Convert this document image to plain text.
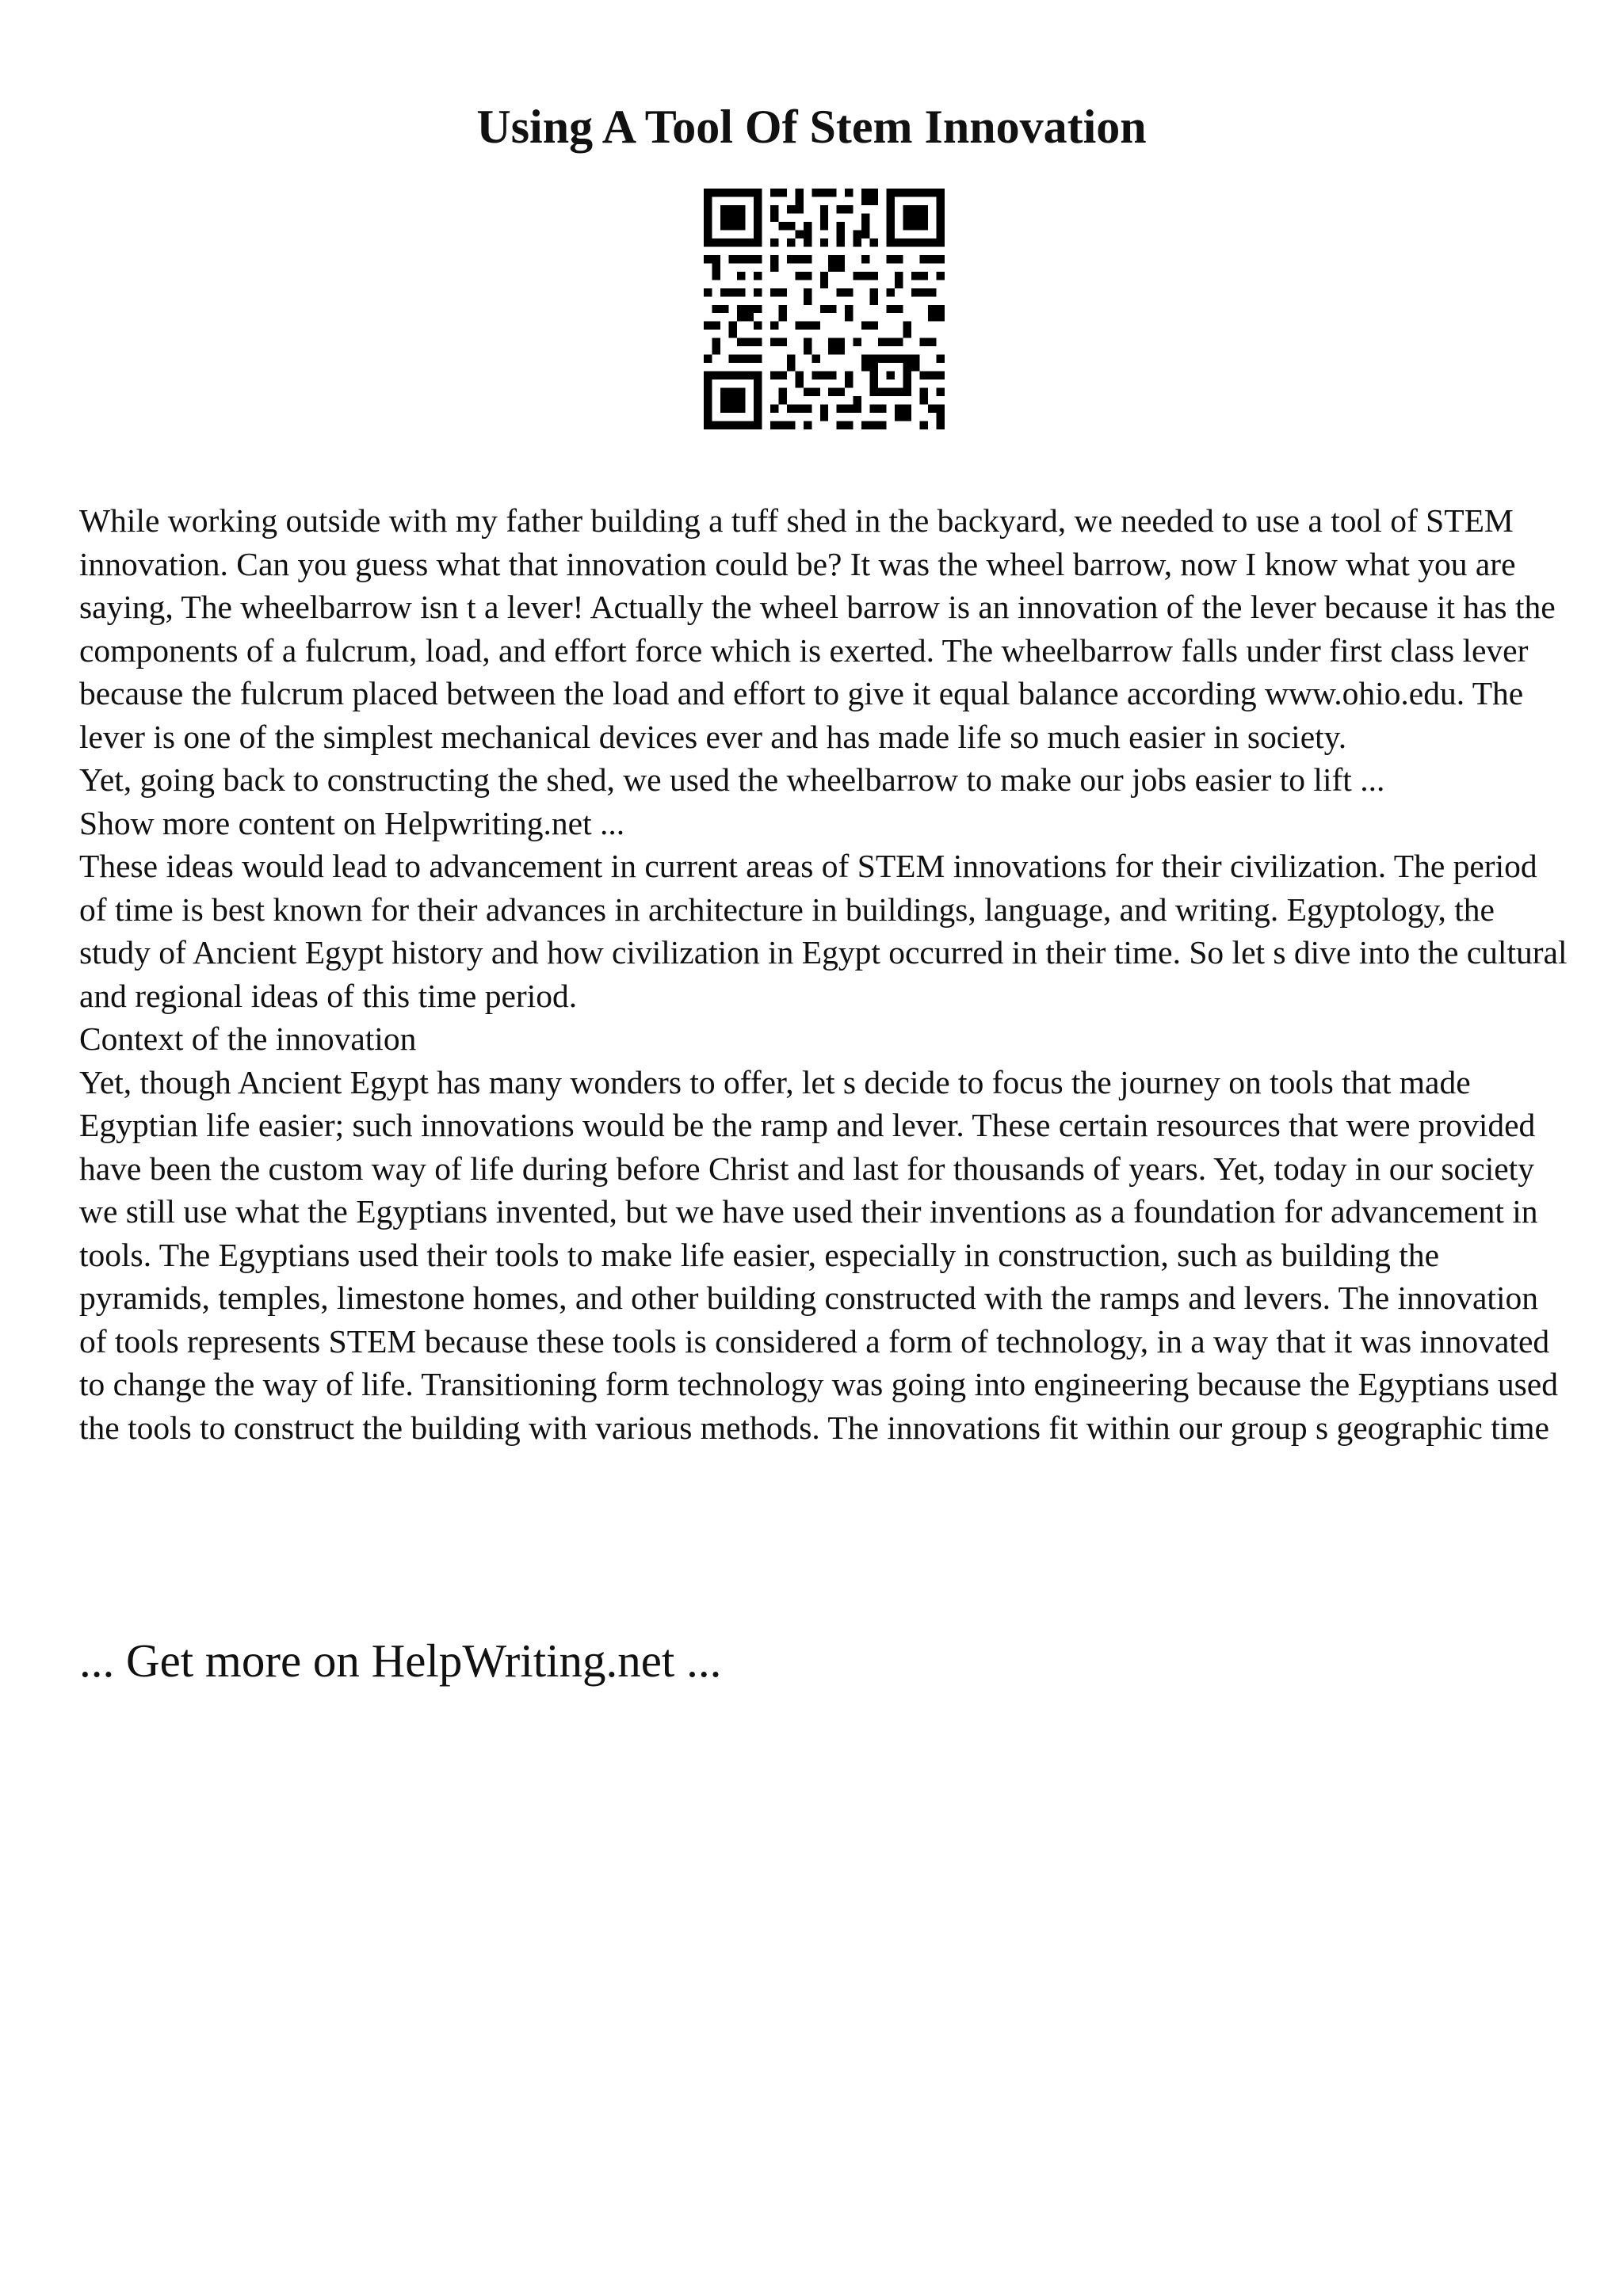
Using A Tool Of Stem Innovation

While working outside with my father building a tuff shed in the backyard, we needed to use a tool of STEM innovation. Can you guess what that innovation could be? It was the wheel barrow, now I know what you are saying, The wheelbarrow isn t a lever! Actually the wheel barrow is an innovation of the lever because it has the components of a fulcrum, load, and effort force which is exerted. The wheelbarrow falls under first class lever because the fulcrum placed between the load and effort to give it equal balance according www.ohio.edu. The lever is one of the simplest mechanical devices ever and has made life so much easier in society.

Yet, going back to constructing the shed, we used the wheelbarrow to make our jobs easier to lift ...

Show more content on Helpwriting.net ...

These ideas would lead to advancement in current areas of STEM innovations for their civilization. The period of time is best known for their advances in architecture in buildings, language, and writing. Egyptology, the study of Ancient Egypt history and how civilization in Egypt occurred in their time. So let s dive into the cultural and regional ideas of this time period.

Context of the innovation

Yet, though Ancient Egypt has many wonders to offer, let s decide to focus the journey on tools that made Egyptian life easier; such innovations would be the ramp and lever. These certain resources that were provided have been the custom way of life during before Christ and last for thousands of years. Yet, today in our society we still use what the Egyptians invented, but we have used their inventions as a foundation for advancement in tools. The Egyptians used their tools to make life easier, especially in construction, such as building the pyramids, temples, limestone homes, and other building constructed with the ramps and levers. The innovation of tools represents STEM because these tools is considered a form of technology, in a way that it was innovated to change the way of life. Transitioning form technology was going into engineering because the Egyptians used the tools to construct the building with various methods. The innovations fit within our group s geographic time

... Get more on HelpWriting.net ...
